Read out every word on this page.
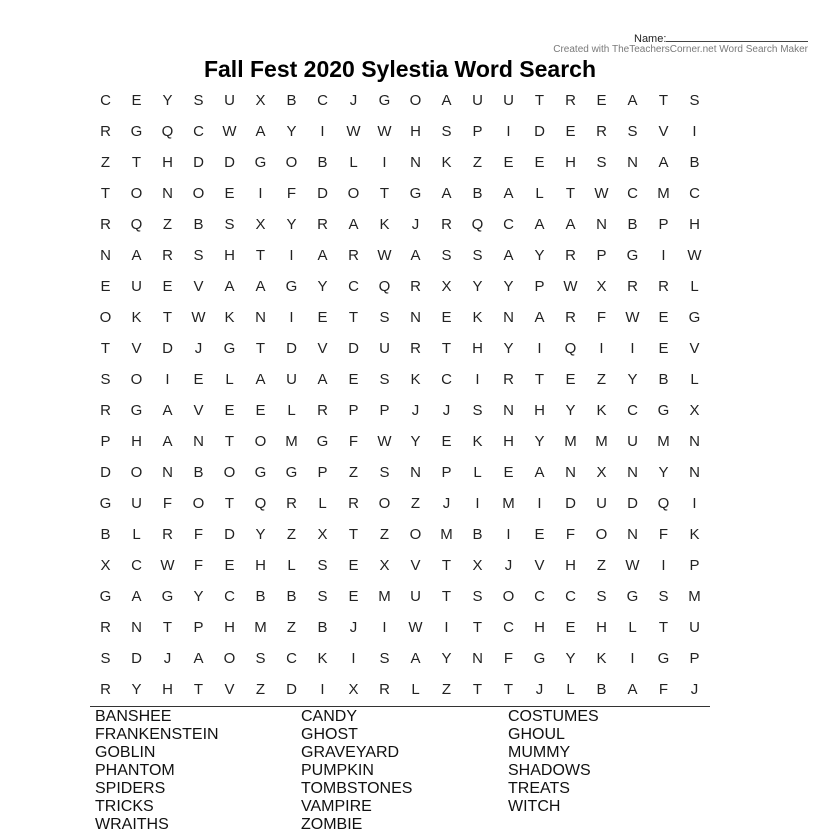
Name:
Created with TheTeachersCorner.net Word Search Maker
Fall Fest 2020 Sylestia Word Search
C	E	Y	S	U	X	B	C	J	G	O	A	U	U	T	R	E	A	T	S
R	G	Q	C	W	A	Y	I	W	W	H	S	P	I	D	E	R	S	V	I
Z	T	H	D	D	G	O	B	L	I	N	K	Z	E	E	H	S	N	A	B
T	O	N	O	E	I	F	D	O	T	G	A	B	A	L	T	W	C	M	C
R	Q	Z	B	S	X	Y	R	A	K	J	R	Q	C	A	A	N	B	P	H
N	A	R	S	H	T	I	A	R	W	A	S	S	A	Y	R	P	G	I	W
E	U	E	V	A	A	G	Y	C	Q	R	X	Y	Y	P	W	X	R	R	L
O	K	T	W	K	N	I	E	T	S	N	E	K	N	A	R	F	W	E	G
T	V	D	J	G	T	D	V	D	U	R	T	H	Y	I	Q	I	I	E	V
S	O	I	E	L	A	U	A	E	S	K	C	I	R	T	E	Z	Y	B	L
R	G	A	V	E	E	L	R	P	P	J	J	S	N	H	Y	K	C	G	X
P	H	A	N	T	O	M	G	F	W	Y	E	K	H	Y	M	M	U	M	N
D	O	N	B	O	G	G	P	Z	S	N	P	L	E	A	N	X	N	Y	N
G	U	F	O	T	Q	R	L	R	O	Z	J	I	M	I	D	U	D	Q	I
B	L	R	F	D	Y	Z	X	T	Z	O	M	B	I	E	F	O	N	F	K
X	C	W	F	E	H	L	S	E	X	V	T	X	J	V	H	Z	W	I	P
G	A	G	Y	C	B	B	S	E	M	U	T	S	O	C	C	S	G	S	M
R	N	T	P	H	M	Z	B	J	I	W	I	T	C	H	E	H	L	T	U
S	D	J	A	O	S	C	K	I	S	A	Y	N	F	G	Y	K	I	G	P
R	Y	H	T	V	Z	D	I	X	R	L	Z	T	T	J	L	B	A	F	J
BANSHEE	CANDY	COSTUMES
FRANKENSTEIN	GHOST	GHOUL
GOBLIN	GRAVEYARD	MUMMY
PHANTOM	PUMPKIN	SHADOWS
SPIDERS	TOMBSTONES	TREATS
TRICKS	VAMPIRE	WITCH
WRAITHS	ZOMBIE
